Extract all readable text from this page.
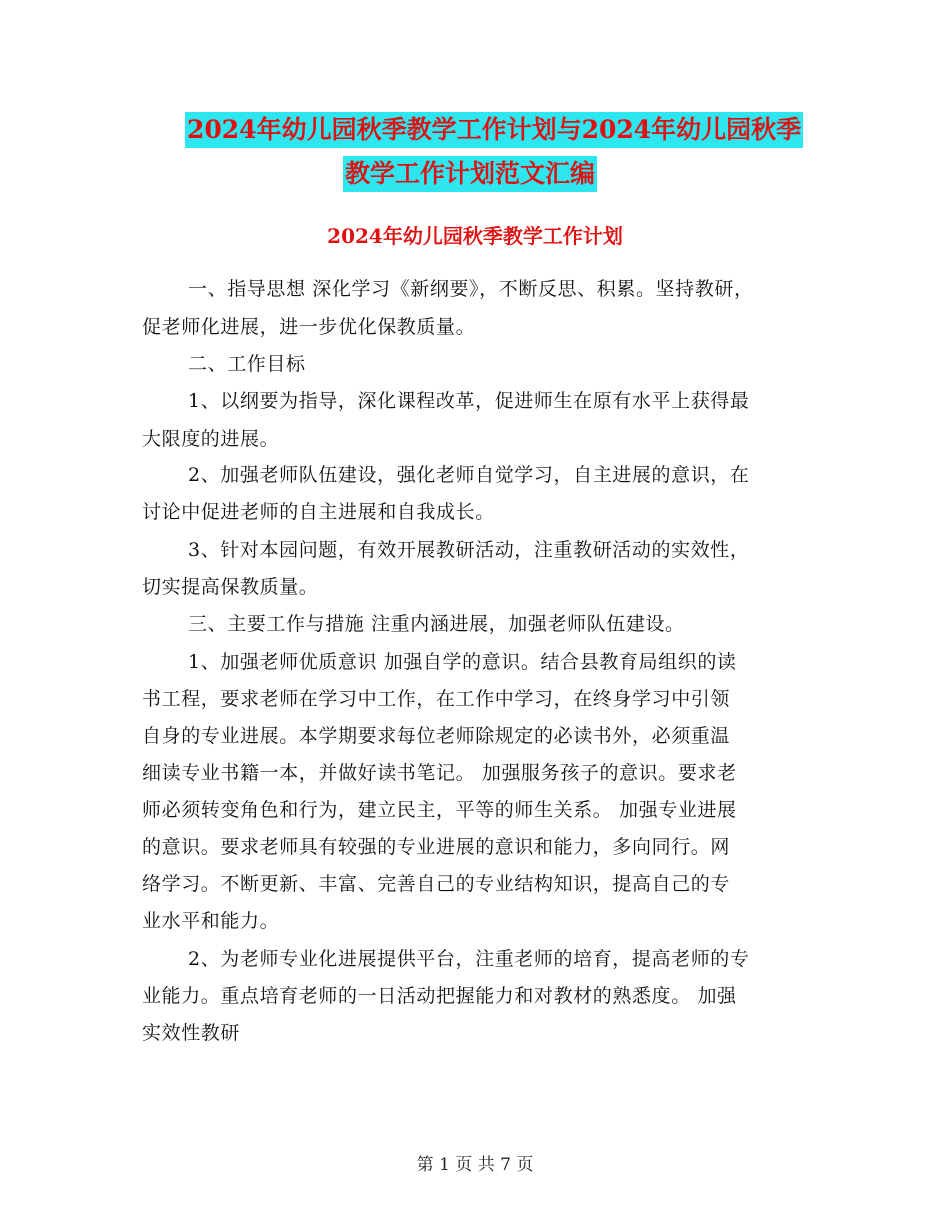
2024年幼儿园秋季教学工作计划与2024年幼儿园秋季
教学工作计划范文汇编
2024年幼儿园秋季教学工作计划
一、指导思想 深化学习《新纲要》，不断反思、积累。坚持教研，
促老师化进展，进一步优化保教质量。
二、工作目标
1、以纲要为指导，深化课程改革，促进师生在原有水平上获得最
大限度的进展。
2、加强老师队伍建设，强化老师自觉学习，自主进展的意识，在
讨论中促进老师的自主进展和自我成长。
3、针对本园问题，有效开展教研活动，注重教研活动的实效性，
切实提高保教质量。
三、主要工作与措施 注重内涵进展，加强老师队伍建设。
1、加强老师优质意识 加强自学的意识。结合县教育局组织的读
书工程，要求老师在学习中工作，在工作中学习，在终身学习中引领
自身的专业进展。本学期要求每位老师除规定的必读书外，必须重温
细读专业书籍一本，并做好读书笔记。 加强服务孩子的意识。要求老
师必须转变角色和行为，建立民主，平等的师生关系。 加强专业进展
的意识。要求老师具有较强的专业进展的意识和能力，多向同行。网
络学习。不断更新、丰富、完善自己的专业结构知识，提高自己的专
业水平和能力。
2、为老师专业化进展提供平台，注重老师的培育，提高老师的专
业能力。重点培育老师的一日活动把握能力和对教材的熟悉度。 加强
实效性教研
第 1 页 共 7 页
